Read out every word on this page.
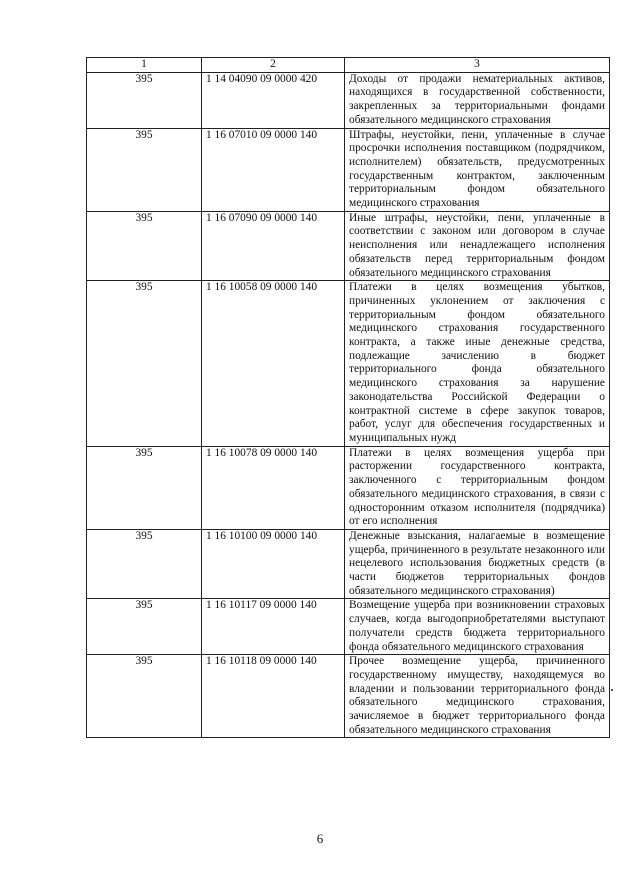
1	2	3
395	1 14 04090 09 0000 420	Доходы от продажи нематериальных активов, находящихся в государственной собственности, закрепленных за территориальными фондами обязательного медицинского страхования
395	1 16 07010 09 0000 140	Штрафы, неустойки, пени, уплаченные в случае просрочки исполнения поставщиком (подрядчиком, исполнителем) обязательств, предусмотренных государственным контрактом, заключенным территориальным фондом обязательного медицинского страхования
395	1 16 07090 09 0000 140	Иные штрафы, неустойки, пени, уплаченные в соответствии с законом или договором в случае неисполнения или ненадлежащего исполнения обязательств перед территориальным фондом обязательного медицинского страхования
395	1 16 10058 09 0000 140	Платежи в целях возмещения убытков, причиненных уклонением от заключения с территориальным фондом обязательного медицинского страхования государственного контракта, а также иные денежные средства, подлежащие зачислению в бюджет территориального фонда обязательного медицинского страхования за нарушение законодательства Российской Федерации о контрактной системе в сфере закупок товаров, работ, услуг для обеспечения государственных и муниципальных нужд
395	1 16 10078 09 0000 140	Платежи в целях возмещения ущерба при расторжении государственного контракта, заключенного с территориальным фондом обязательного медицинского страхования, в связи с односторонним отказом исполнителя (подрядчика) от его исполнения
395	1 16 10100 09 0000 140	Денежные взыскания, налагаемые в возмещение ущерба, причиненного в результате незаконного или нецелевого использования бюджетных средств (в части бюджетов территориальных фондов обязательного медицинского страхования)
395	1 16 10117 09 0000 140	Возмещение ущерба при возникновении страховых случаев, когда выгодоприобретателями выступают получатели средств бюджета территориального фонда обязательного медицинского страхования
395	1 16 10118 09 0000 140	Прочее возмещение ущерба, причиненного государственному имуществу, находящемуся во владении и пользовании территориального фонда обязательного медицинского страхования, зачисляемое в бюджет территориального фонда обязательного медицинского страхования
6
